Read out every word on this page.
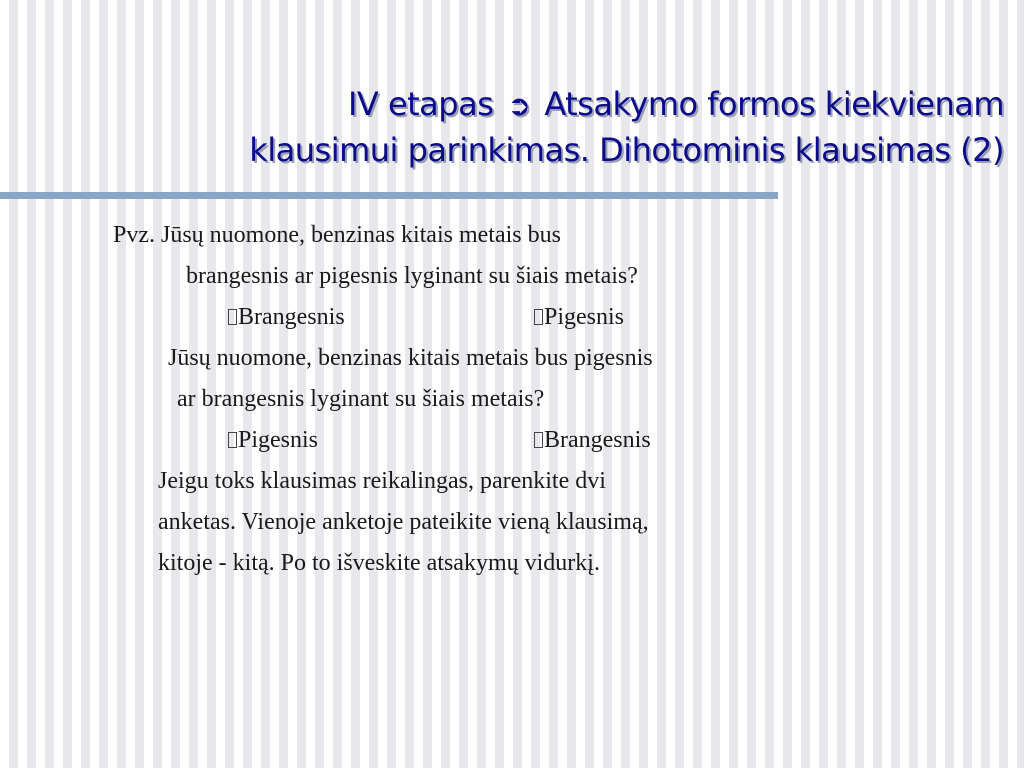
IV etapas ➲ Atsakymo formos kiekvienam
klausimui parinkimas. Dihotominis klausimas (2)
Pvz. Jūsų nuomone, benzinas kitais metais bus
brangesnis ar pigesnis lyginant su šiais metais?
Brangesnis	Pigesnis
Jūsų nuomone, benzinas kitais metais bus pigesnis
ar brangesnis lyginant su šiais metais?
Pigesnis	Brangesnis
Jeigu toks klausimas reikalingas, parenkite dvi
anketas. Vienoje anketoje pateikite vieną klausimą,
kitoje - kitą. Po to išveskite atsakymų vidurkį.
